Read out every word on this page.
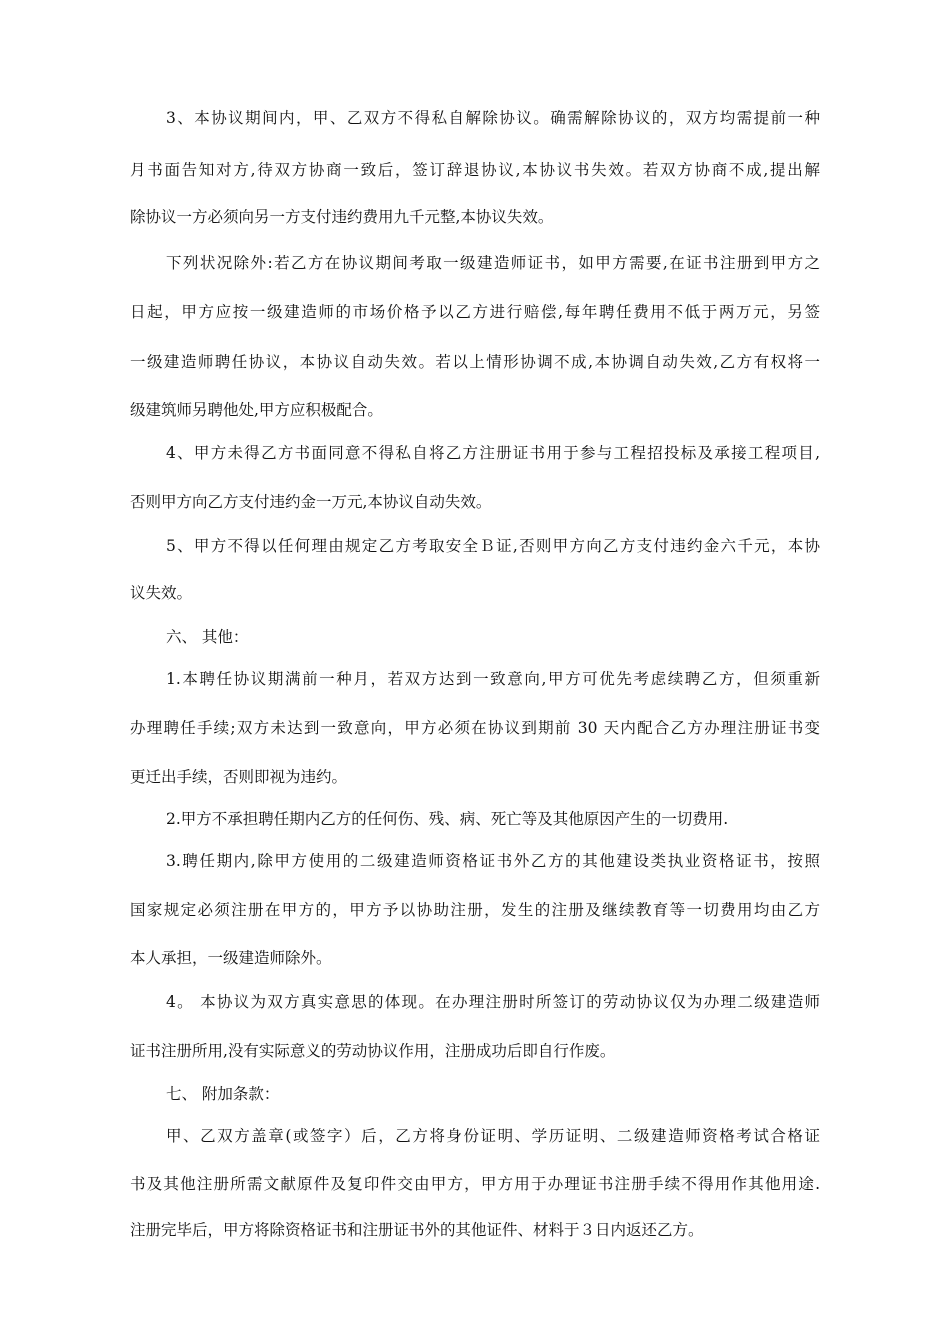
3、本协议期间内，甲、乙双方不得私自解除协议。确需解除协议的，双方均需提前一种
月书面告知对方,待双方协商一致后，签订辞退协议,本协议书失效。若双方协商不成,提出解
除协议一方必须向另一方支付违约费用九千元整,本协议失效。
下列状况除外:若乙方在协议期间考取一级建造师证书，如甲方需要,在证书注册到甲方之
日起，甲方应按一级建造师的市场价格予以乙方进行赔偿,每年聘任费用不低于两万元，另签
一级建造师聘任协议，本协议自动失效。若以上情形协调不成,本协调自动失效,乙方有权将一
级建筑师另聘他处,甲方应积极配合。
4、甲方未得乙方书面同意不得私自将乙方注册证书用于参与工程招投标及承接工程项目,
否则甲方向乙方支付违约金一万元,本协议自动失效。
5、甲方不得以任何理由规定乙方考取安全Ｂ证,否则甲方向乙方支付违约金六千元，本协
议失效。
六、 其他：
1.本聘任协议期满前一种月，若双方达到一致意向,甲方可优先考虑续聘乙方，但须重新
办理聘任手续;双方未达到一致意向，甲方必须在协议到期前 30 天内配合乙方办理注册证书变
更迁出手续，否则即视为违约。
2.甲方不承担聘任期内乙方的任何伤、残、病、死亡等及其他原因产生的一切费用.
3.聘任期内,除甲方使用的二级建造师资格证书外乙方的其他建设类执业资格证书，按照
国家规定必须注册在甲方的，甲方予以协助注册，发生的注册及继续教育等一切费用均由乙方
本人承担，一级建造师除外。
4。 本协议为双方真实意思的体现。在办理注册时所签订的劳动协议仅为办理二级建造师
证书注册所用,没有实际意义的劳动协议作用，注册成功后即自行作废。
七、 附加条款：
甲、乙双方盖章(或签字）后，乙方将身份证明、学历证明、二级建造师资格考试合格证
书及其他注册所需文献原件及复印件交由甲方，甲方用于办理证书注册手续不得用作其他用途.
注册完毕后，甲方将除资格证书和注册证书外的其他证件、材料于３日内返还乙方。
